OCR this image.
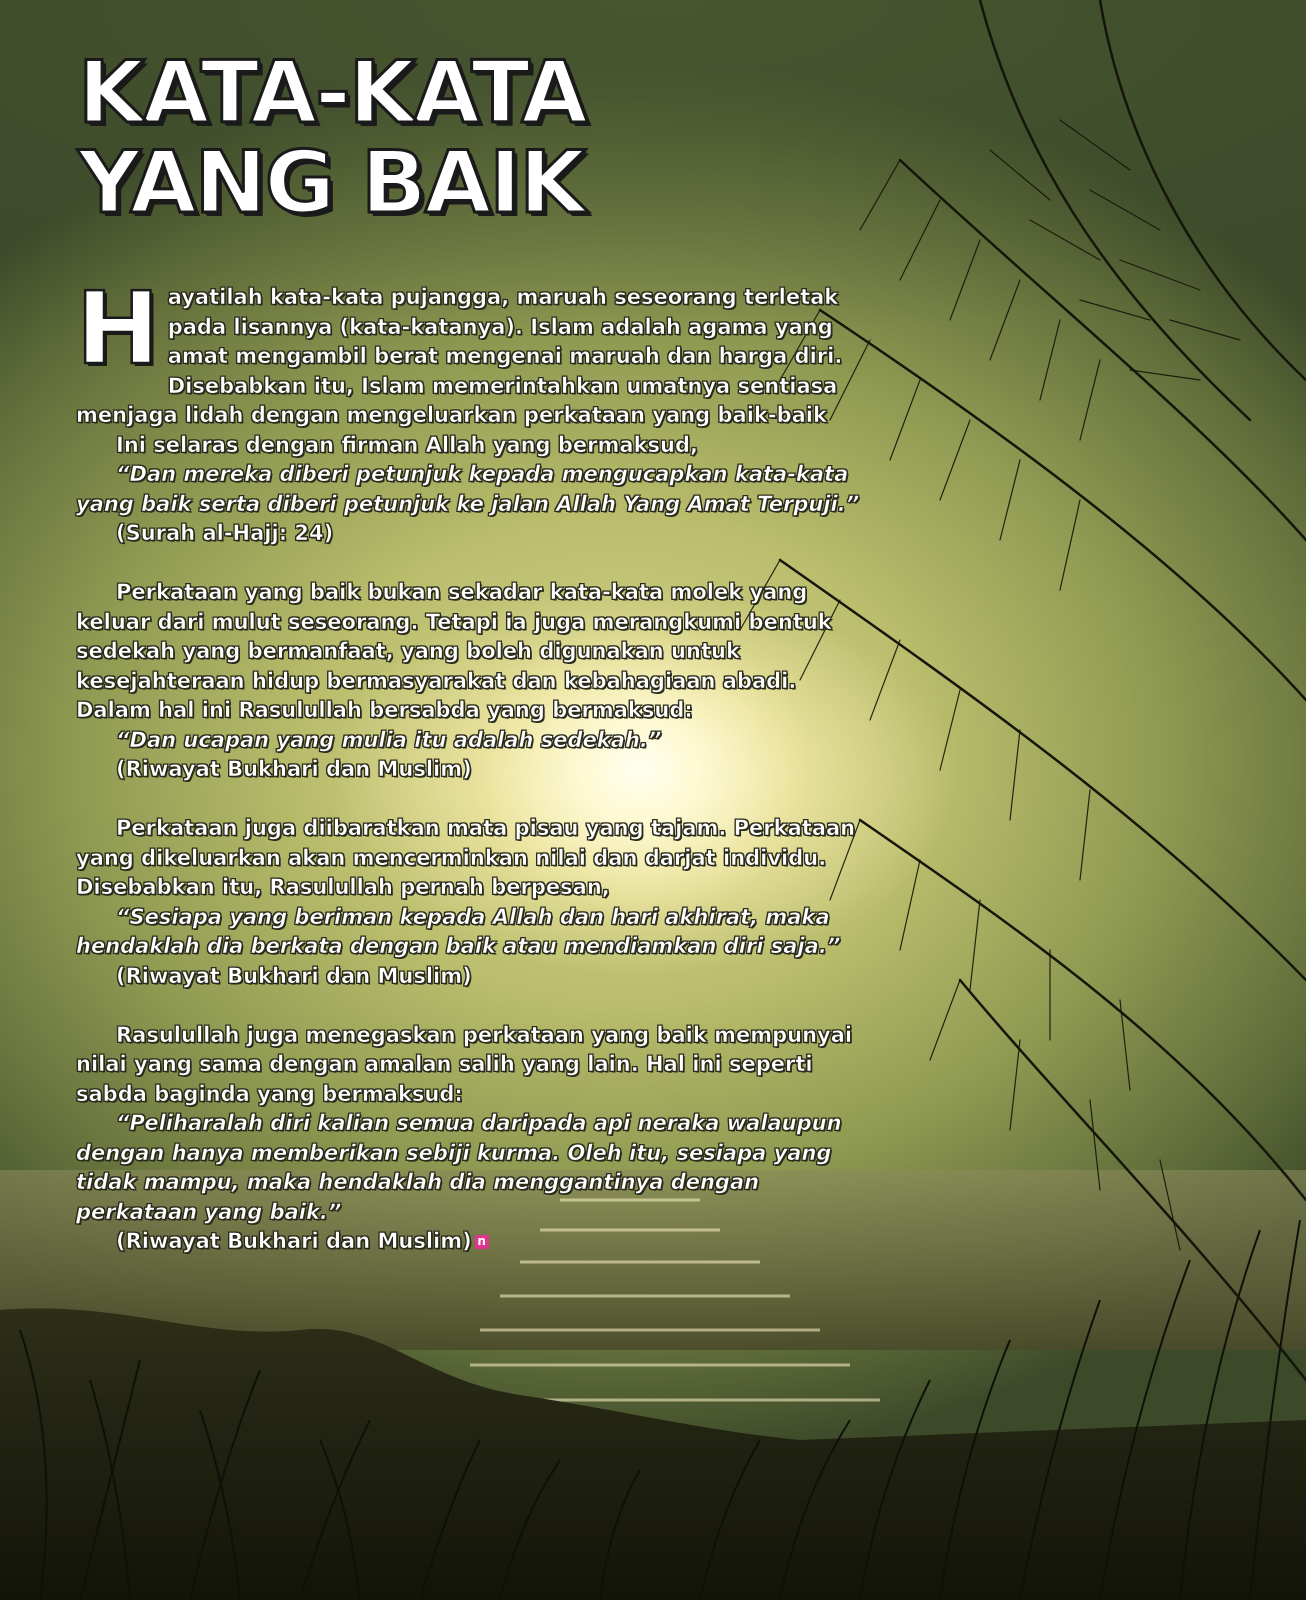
KATA-KATA
YANG BAIK

Hayatilah kata-kata pujangga, maruah seseorang terletak pada lisannya (kata-katanya). Islam adalah agama yang amat mengambil berat mengenai maruah dan harga diri. Disebabkan itu, Islam memerintahkan umatnya sentiasa menjaga lidah dengan mengeluarkan perkataan yang baik-baik

Ini selaras dengan firman Allah yang bermaksud,

“Dan mereka diberi petunjuk kepada mengucapkan kata-kata yang baik serta diberi petunjuk ke jalan Allah Yang Amat Terpuji.”

(Surah al-Hajj: 24)

Perkataan yang baik bukan sekadar kata-kata molek yang keluar dari mulut seseorang. Tetapi ia juga merangkumi bentuk sedekah yang bermanfaat, yang boleh digunakan untuk kesejahteraan hidup bermasyarakat dan kebahagiaan abadi. Dalam hal ini Rasulullah bersabda yang bermaksud:

“Dan ucapan yang mulia itu adalah sedekah.”

(Riwayat Bukhari dan Muslim)

Perkataan juga diibaratkan mata pisau yang tajam. Perkataan yang dikeluarkan akan mencerminkan nilai dan darjat individu. Disebabkan itu, Rasulullah pernah berpesan,

“Sesiapa yang beriman kepada Allah dan hari akhirat, maka hendaklah dia berkata dengan baik atau mendiamkan diri saja.”

(Riwayat Bukhari dan Muslim)

Rasulullah juga menegaskan perkataan yang baik mempunyai nilai yang sama dengan amalan salih yang lain. Hal ini seperti sabda baginda yang bermaksud:

“Peliharalah diri kalian semua daripada api neraka walaupun dengan hanya memberikan sebiji kurma. Oleh itu, sesiapa yang tidak mampu, maka hendaklah dia menggantinya dengan perkataan yang baik.”

(Riwayat Bukhari dan Muslim) n
